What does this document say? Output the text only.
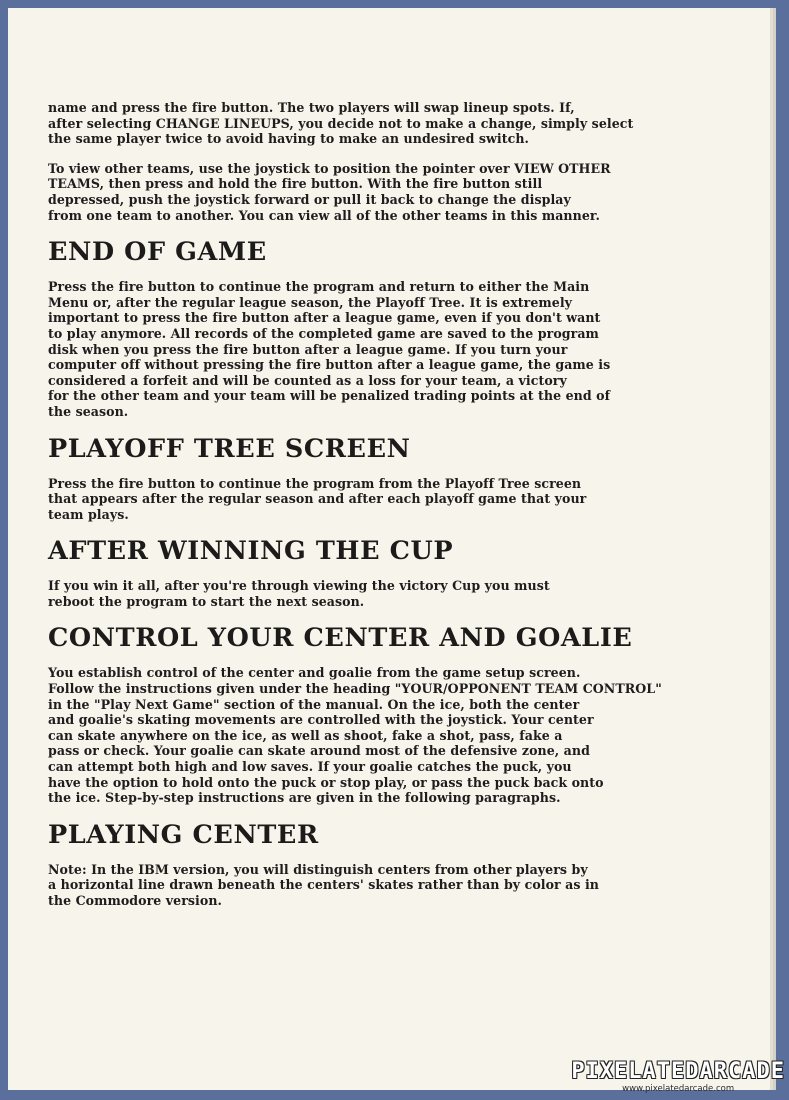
name and press the fire button. The two players will swap lineup spots. If,
after selecting CHANGE LINEUPS, you decide not to make a change, simply select
the same player twice to avoid having to make an undesired switch.

To view other teams, use the joystick to position the pointer over VIEW OTHER
TEAMS, then press and hold the fire button. With the fire button still
depressed, push the joystick forward or pull it back to change the display
from one team to another. You can view all of the other teams in this manner.

END OF GAME

Press the fire button to continue the program and return to either the Main
Menu or, after the regular league season, the Playoff Tree. It is extremely
important to press the fire button after a league game, even if you don't want
to play anymore. All records of the completed game are saved to the program
disk when you press the fire button after a league game. If you turn your
computer off without pressing the fire button after a league game, the game is
considered a forfeit and will be counted as a loss for your team, a victory
for the other team and your team will be penalized trading points at the end of
the season.

PLAYOFF TREE SCREEN

Press the fire button to continue the program from the Playoff Tree screen
that appears after the regular season and after each playoff game that your
team plays.

AFTER WINNING THE CUP

If you win it all, after you're through viewing the victory Cup you must
reboot the program to start the next season.

CONTROL YOUR CENTER AND GOALIE

You establish control of the center and goalie from the game setup screen.
Follow the instructions given under the heading "YOUR/OPPONENT TEAM CONTROL"
in the "Play Next Game" section of the manual. On the ice, both the center
and goalie's skating movements are controlled with the joystick. Your center
can skate anywhere on the ice, as well as shoot, fake a shot, pass, fake a
pass or check. Your goalie can skate around most of the defensive zone, and
can attempt both high and low saves. If your goalie catches the puck, you
have the option to hold onto the puck or stop play, or pass the puck back onto
the ice. Step-by-step instructions are given in the following paragraphs.

PLAYING CENTER

Note: In the IBM version, you will distinguish centers from other players by
a horizontal line drawn beneath the centers' skates rather than by color as in
the Commodore version.

PIXELATEDARCADE
www.pixelatedarcade.com
